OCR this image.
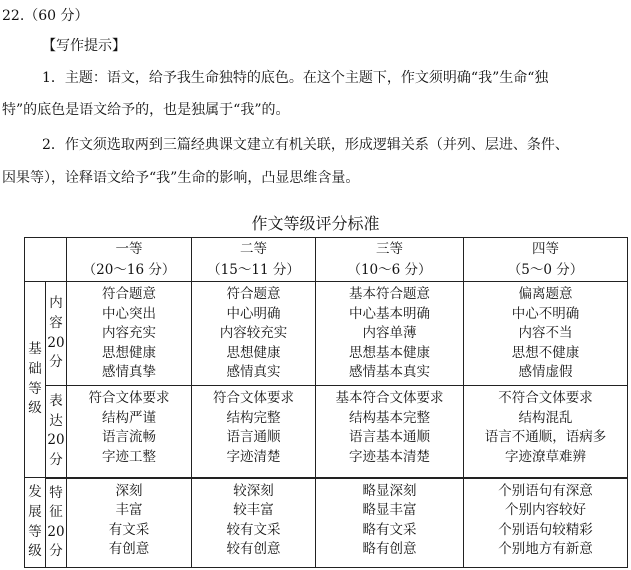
22.（60 分）
【写作提示】
1．主题：语文，给予我生命独特的底色。在这个主题下，作文须明确“我”生命“独
特”的底色是语文给予的，也是独属于“我”的。
2．作文须选取两到三篇经典课文建立有机关联，形成逻辑关系（并列、层进、条件、
因果等），诠释语文给予“我”生命的影响，凸显思维含量。
作文等级评分标准
		一等
（20～16 分）	二等
（15～11 分）	三等
（10～6 分）	四等
（5～0 分）
基
础
等
级	内
容
20
分	符合题意
中心突出
内容充实
思想健康
感情真挚	符合题意
中心明确
内容较充实
思想健康
感情真实	基本符合题意
中心基本明确
内容单薄
思想基本健康
感情基本真实	偏离题意
中心不明确
内容不当
思想不健康
感情虚假
	表
达
20
分	符合文体要求
结构严谨
语言流畅
字迹工整	符合文体要求
结构完整
语言通顺
字迹清楚	基本符合文体要求
结构基本完整
语言基本通顺
字迹基本清楚	不符合文体要求
结构混乱
语言不通顺，语病多
字迹潦草难辨
发
展
等
级	特
征
20
分	深刻
丰富
有文采
有创意	较深刻
较丰富
较有文采
较有创意	略显深刻
略显丰富
略有文采
略有创意	个别语句有深意
个别内容较好
个别语句较精彩
个别地方有新意
